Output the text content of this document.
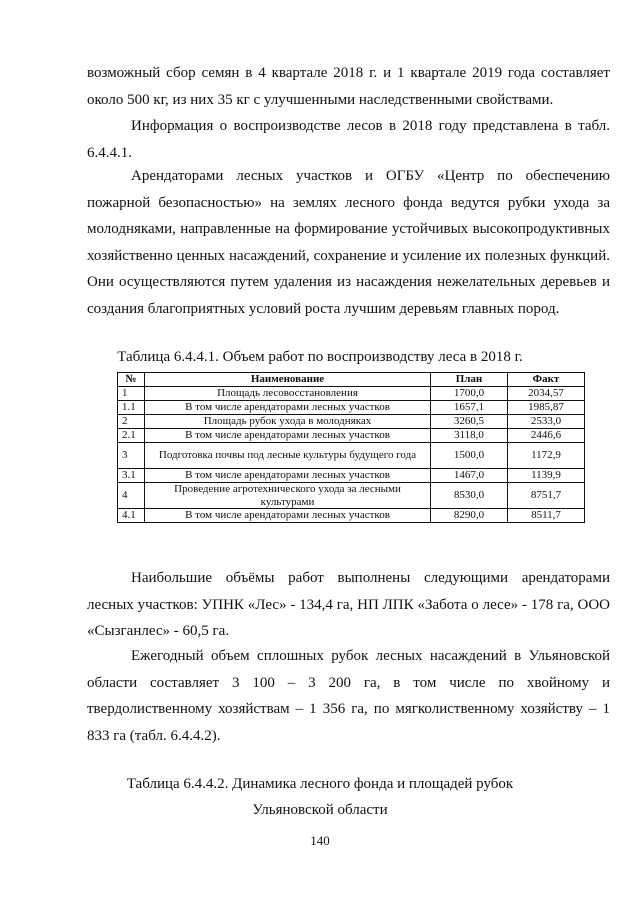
возможный сбор семян в 4 квартале 2018 г. и 1 квартале 2019 года составляет около 500 кг, из них 35 кг с улучшенными наследственными свойствами.

Информация о воспроизводстве лесов в 2018 году представлена в табл. 6.4.4.1.

Арендаторами лесных участков и ОГБУ «Центр по обеспечению пожарной безопасностью» на землях лесного фонда ведутся рубки ухода за молодняками, направленные на формирование устойчивых высокопродуктивных хозяйственно ценных насаждений, сохранение и усиление их полезных функций. Они осуществляются путем удаления из насаждения нежелательных деревьев и создания благоприятных условий роста лучшим деревьям главных пород.

Таблица 6.4.4.1. Объем работ по воспроизводству леса в 2018 г.

№	Наименование	План	Факт
1	Площадь лесовосстановления	1700,0	2034,57
1.1	В том числе арендаторами лесных участков	1657,1	1985,87
2	Площадь рубок ухода в молодняках	3260,5	2533,0
2.1	В том числе арендаторами лесных участков	3118,0	2446,6
3	Подготовка почвы под лесные культуры будущего года	1500,0	1172,9
3.1	В том числе арендаторами лесных участков	1467,0	1139,9
4	Проведение агротехнического ухода за лесными культурами	8530,0	8751,7
4.1	В том числе арендаторами лесных участков	8290,0	8511,7

Наибольшие объёмы работ выполнены следующими арендаторами лесных участков: УПНК «Лес» - 134,4 га, НП ЛПК «Забота о лесе» - 178 га, ООО «Сызганлес» - 60,5 га.

Ежегодный объем сплошных рубок лесных насаждений в Ульяновской области составляет 3 100 – 3 200 га, в том числе по хвойному и твердолиственному хозяйствам – 1 356 га, по мягколиственному хозяйству – 1 833 га (табл. 6.4.4.2).

Таблица 6.4.4.2. Динамика лесного фонда и площадей рубок Ульяновской области

140
